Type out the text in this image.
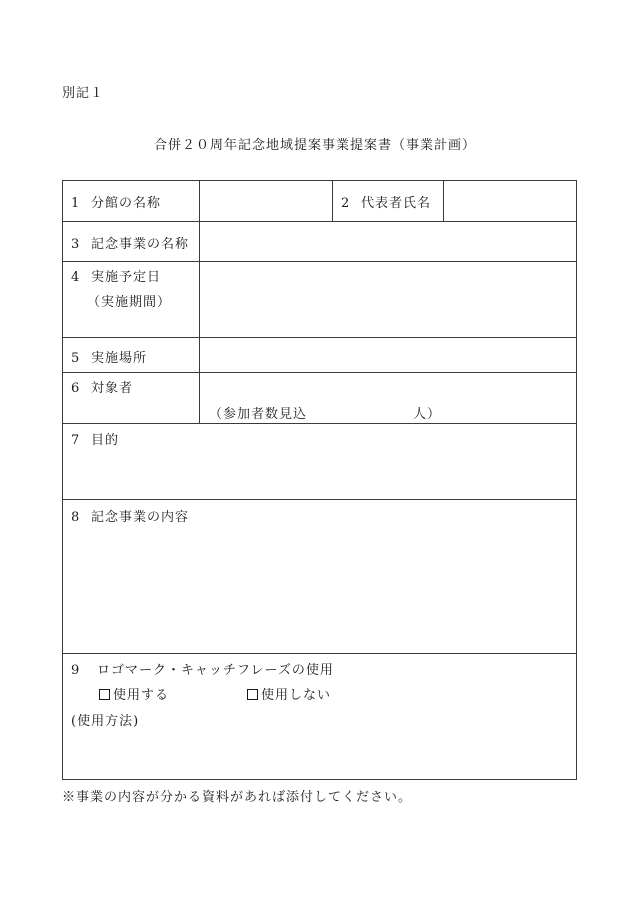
別記１
合併２０周年記念地域提案事業提案書（事業計画）
1 分館の名称	2 代表者氏名
3 記念事業の名称
4 実施予定日
（実施期間）
5 実施場所
6 対象者
（参加者数見込	人）
7 目的
8 記念事業の内容
9 ロゴマーク・キャッチフレーズの使用
使用する	使用しない
(使用方法)
※事業の内容が分かる資料があれば添付してください。
